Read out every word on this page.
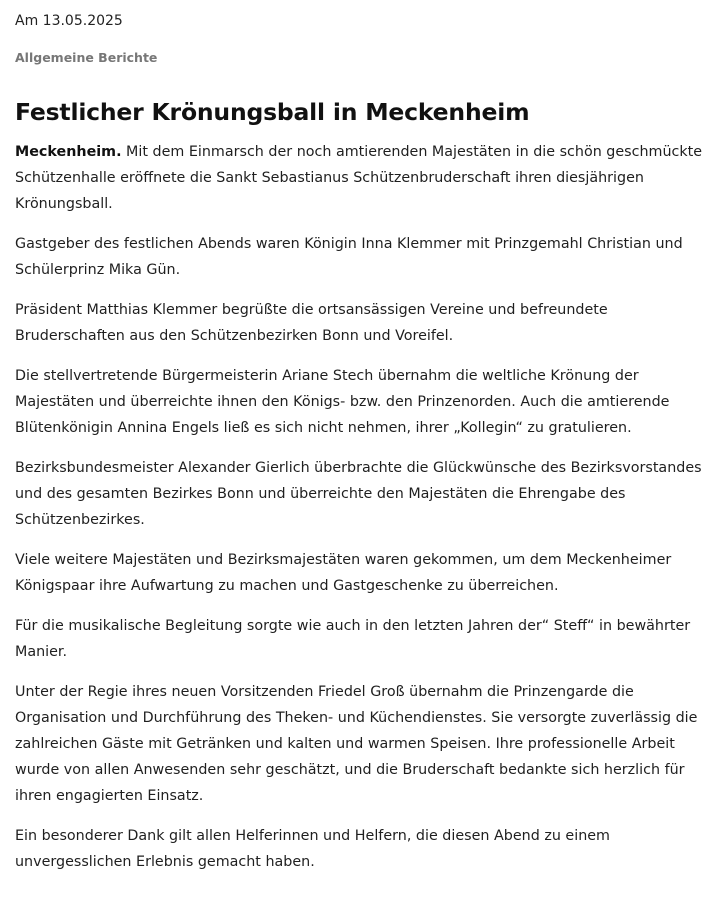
Am 13.05.2025
Allgemeine Berichte
Festlicher Krönungsball in Meckenheim

Meckenheim. Mit dem Einmarsch der noch amtierenden Majestäten in die schön geschmückte Schützenhalle eröffnete die Sankt Sebastianus Schützenbruderschaft ihren diesjährigen Krönungsball.

Gastgeber des festlichen Abends waren Königin Inna Klemmer mit Prinzgemahl Christian und Schülerprinz Mika Gün.

Präsident Matthias Klemmer begrüßte die ortsansässigen Vereine und befreundete Bruderschaften aus den Schützenbezirken Bonn und Voreifel.

Die stellvertretende Bürgermeisterin Ariane Stech übernahm die weltliche Krönung der Majestäten und überreichte ihnen den Königs- bzw. den Prinzenorden. Auch die amtierende Blütenkönigin Annina Engels ließ es sich nicht nehmen, ihrer „Kollegin“ zu gratulieren.

Bezirksbundesmeister Alexander Gierlich überbrachte die Glückwünsche des Bezirksvorstandes und des gesamten Bezirkes Bonn und überreichte den Majestäten die Ehrengabe des Schützenbezirkes.

Viele weitere Majestäten und Bezirksmajestäten waren gekommen, um dem Meckenheimer Königspaar ihre Aufwartung zu machen und Gastgeschenke zu überreichen.

Für die musikalische Begleitung sorgte wie auch in den letzten Jahren der“ Steff“ in bewährter Manier.

Unter der Regie ihres neuen Vorsitzenden Friedel Groß übernahm die Prinzengarde die Organisation und Durchführung des Theken- und Küchendienstes. Sie versorgte zuverlässig die zahlreichen Gäste mit Getränken und kalten und warmen Speisen. Ihre professionelle Arbeit wurde von allen Anwesenden sehr geschätzt, und die Bruderschaft bedankte sich herzlich für ihren engagierten Einsatz.

Ein besonderer Dank gilt allen Helferinnen und Helfern, die diesen Abend zu einem unvergesslichen Erlebnis gemacht haben.
